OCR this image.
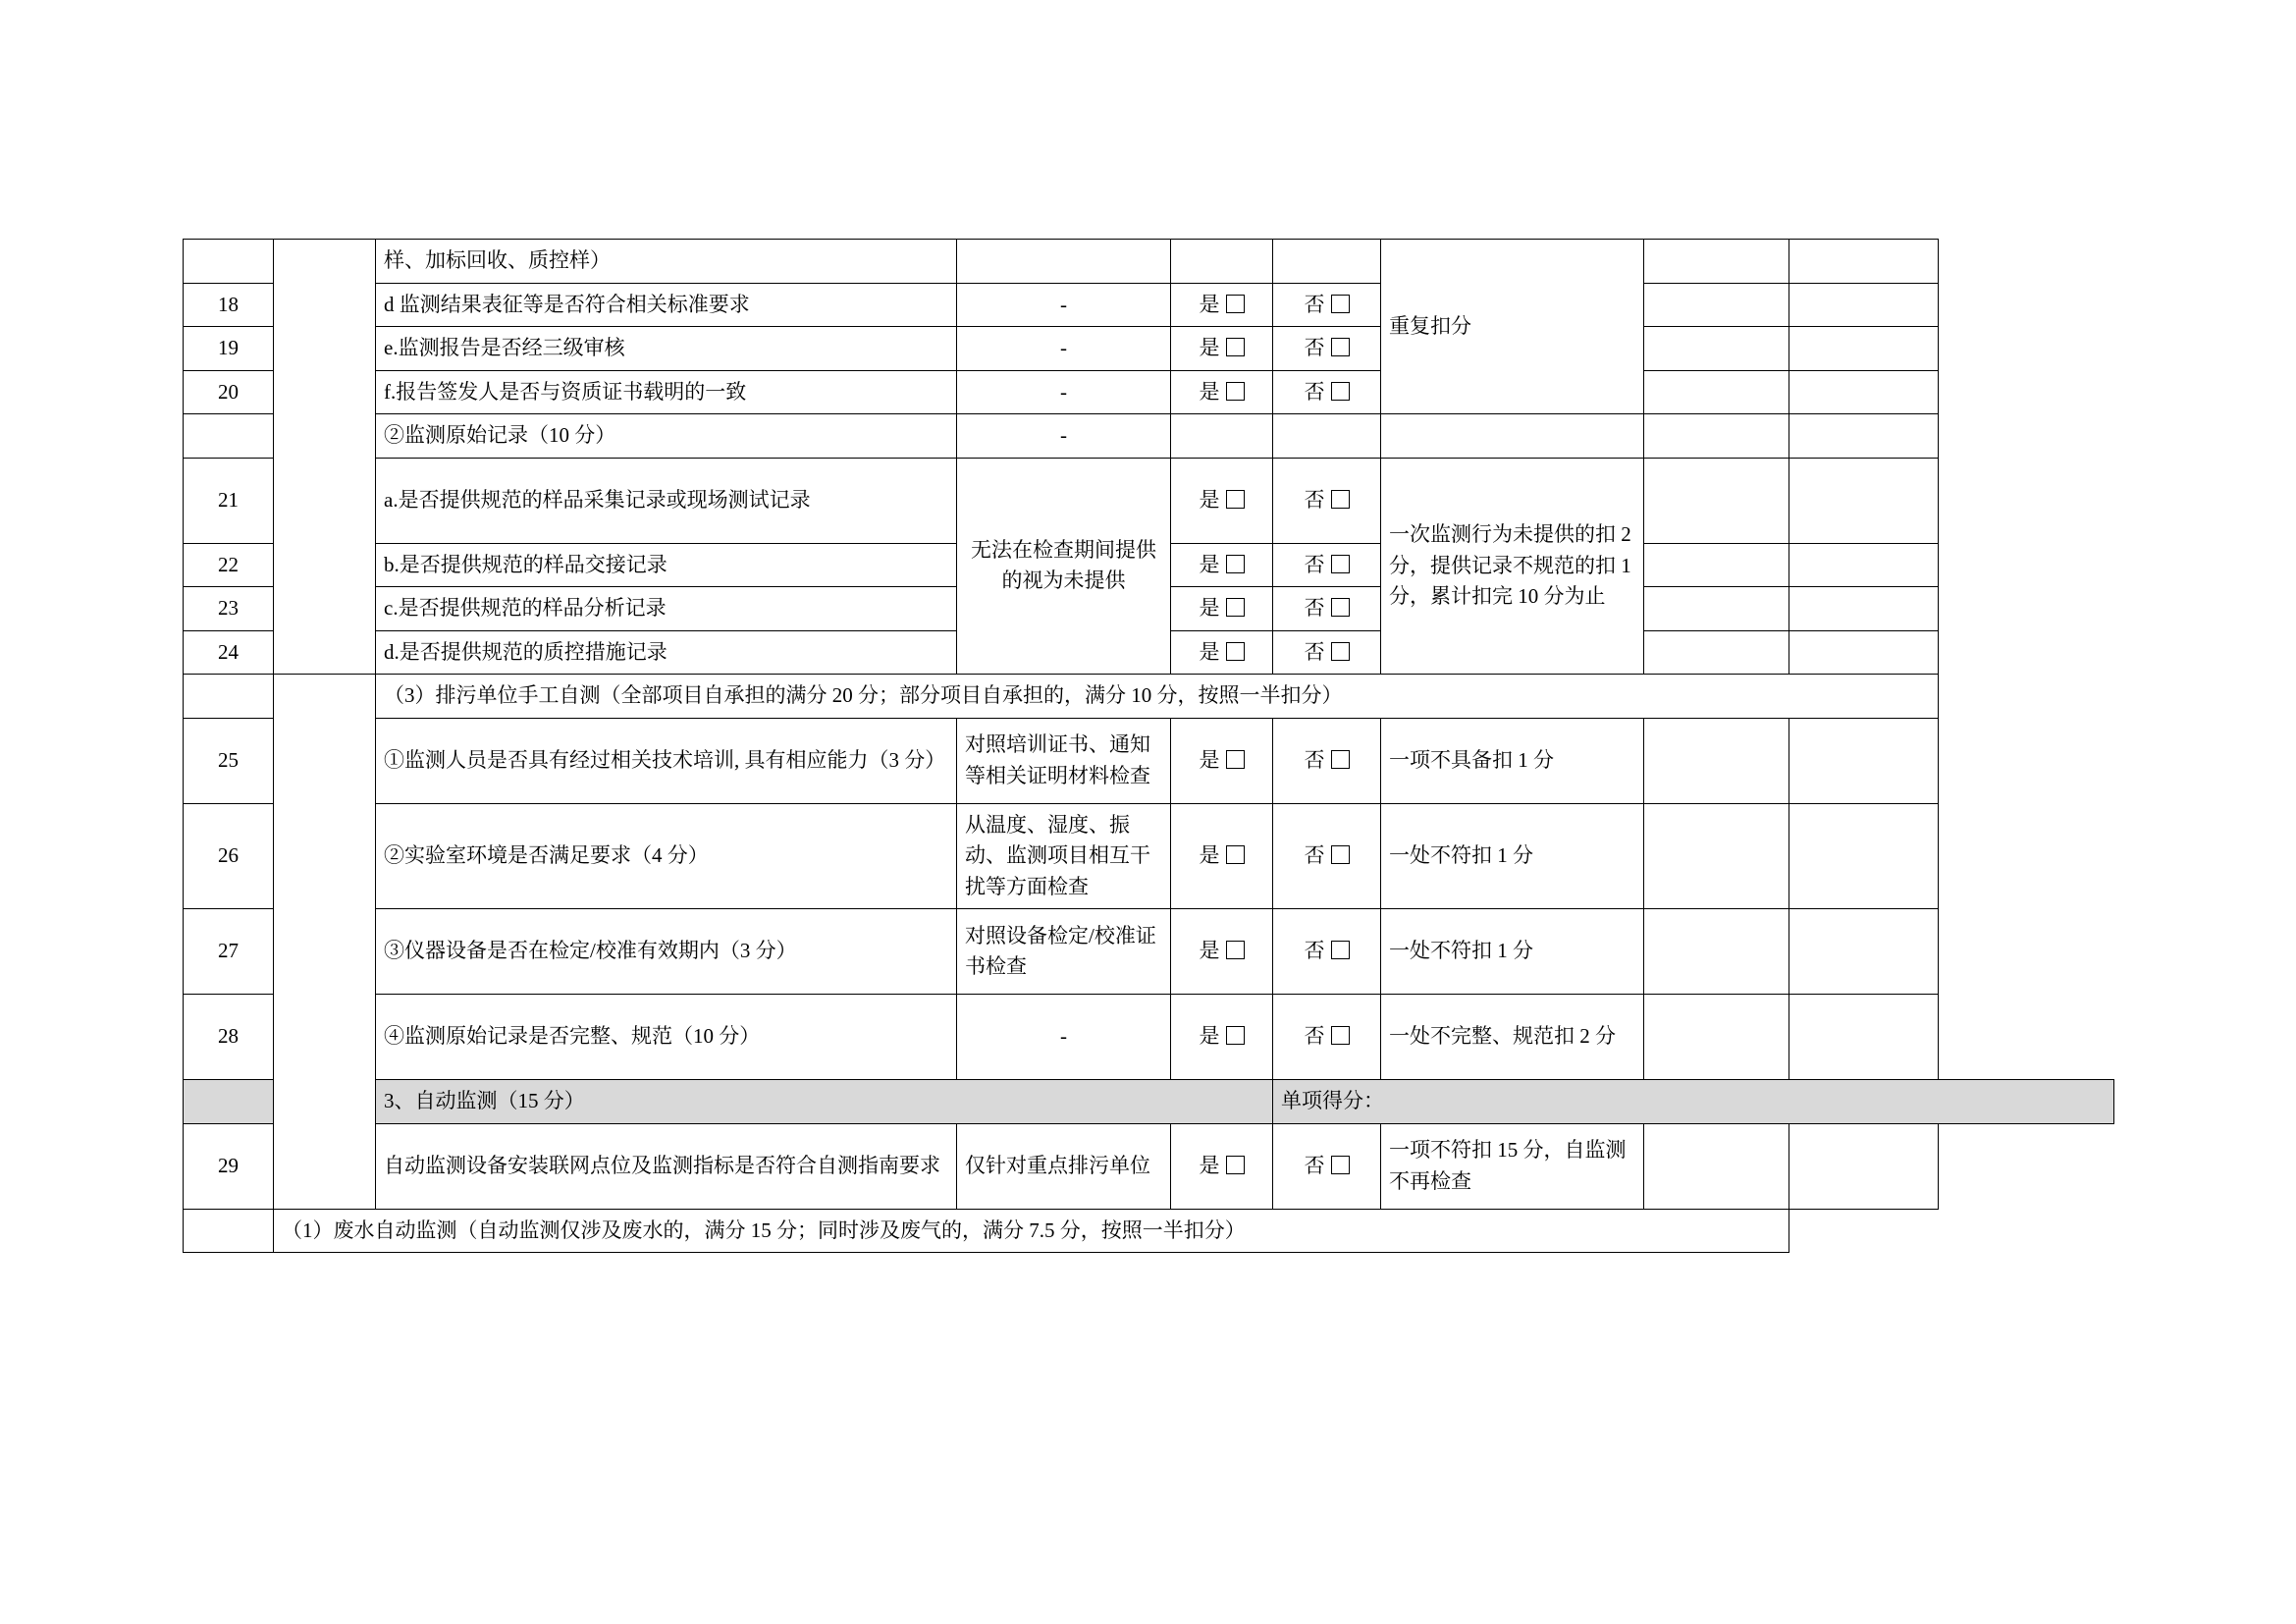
		样、加标回收、质控样）				重复扣分		
18		d 监测结果表征等是否符合相关标准要求	-	是	否			
19		e.监测报告是否经三级审核	-	是	否			
20		f.报告签发人是否与资质证书载明的一致	-	是	否			
		②监测原始记录（10 分）	-					
21		a.是否提供规范的样品采集记录或现场测试记录	无法在检查期间提供的视为未提供	是	否	一次监测行为未提供的扣 2 分，提供记录不规范的扣 1 分，累计扣完 10 分为止		
22		b.是否提供规范的样品交接记录		是	否			
23		c.是否提供规范的样品分析记录		是	否			
24		d.是否提供规范的质控措施记录		是	否			
		（3）排污单位手工自测（全部项目自承担的满分 20 分；部分项目自承担的，满分 10 分，按照一半扣分）						
25		①监测人员是否具有经过相关技术培训, 具有相应能力（3 分）	对照培训证书、通知等相关证明材料检查	是	否	一项不具备扣 1 分		
26		②实验室环境是否满足要求（4 分）	从温度、湿度、振动、监测项目相互干扰等方面检查	是	否	一处不符扣 1 分		
27		③仪器设备是否在检定/校准有效期内（3 分）	对照设备检定/校准证书检查	是	否	一处不符扣 1 分		
28		④监测原始记录是否完整、规范（10 分）	-	是	否	一处不完整、规范扣 2 分		
		3、自动监测（15 分）			单项得分：			
29		自动监测设备安装联网点位及监测指标是否符合自测指南要求	仅针对重点排污单位	是	否	一项不符扣 15 分，自监测不再检查		
	（1）废水自动监测（自动监测仅涉及废水的，满分 15 分；同时涉及废气的，满分 7.5 分，按照一半扣分）							
